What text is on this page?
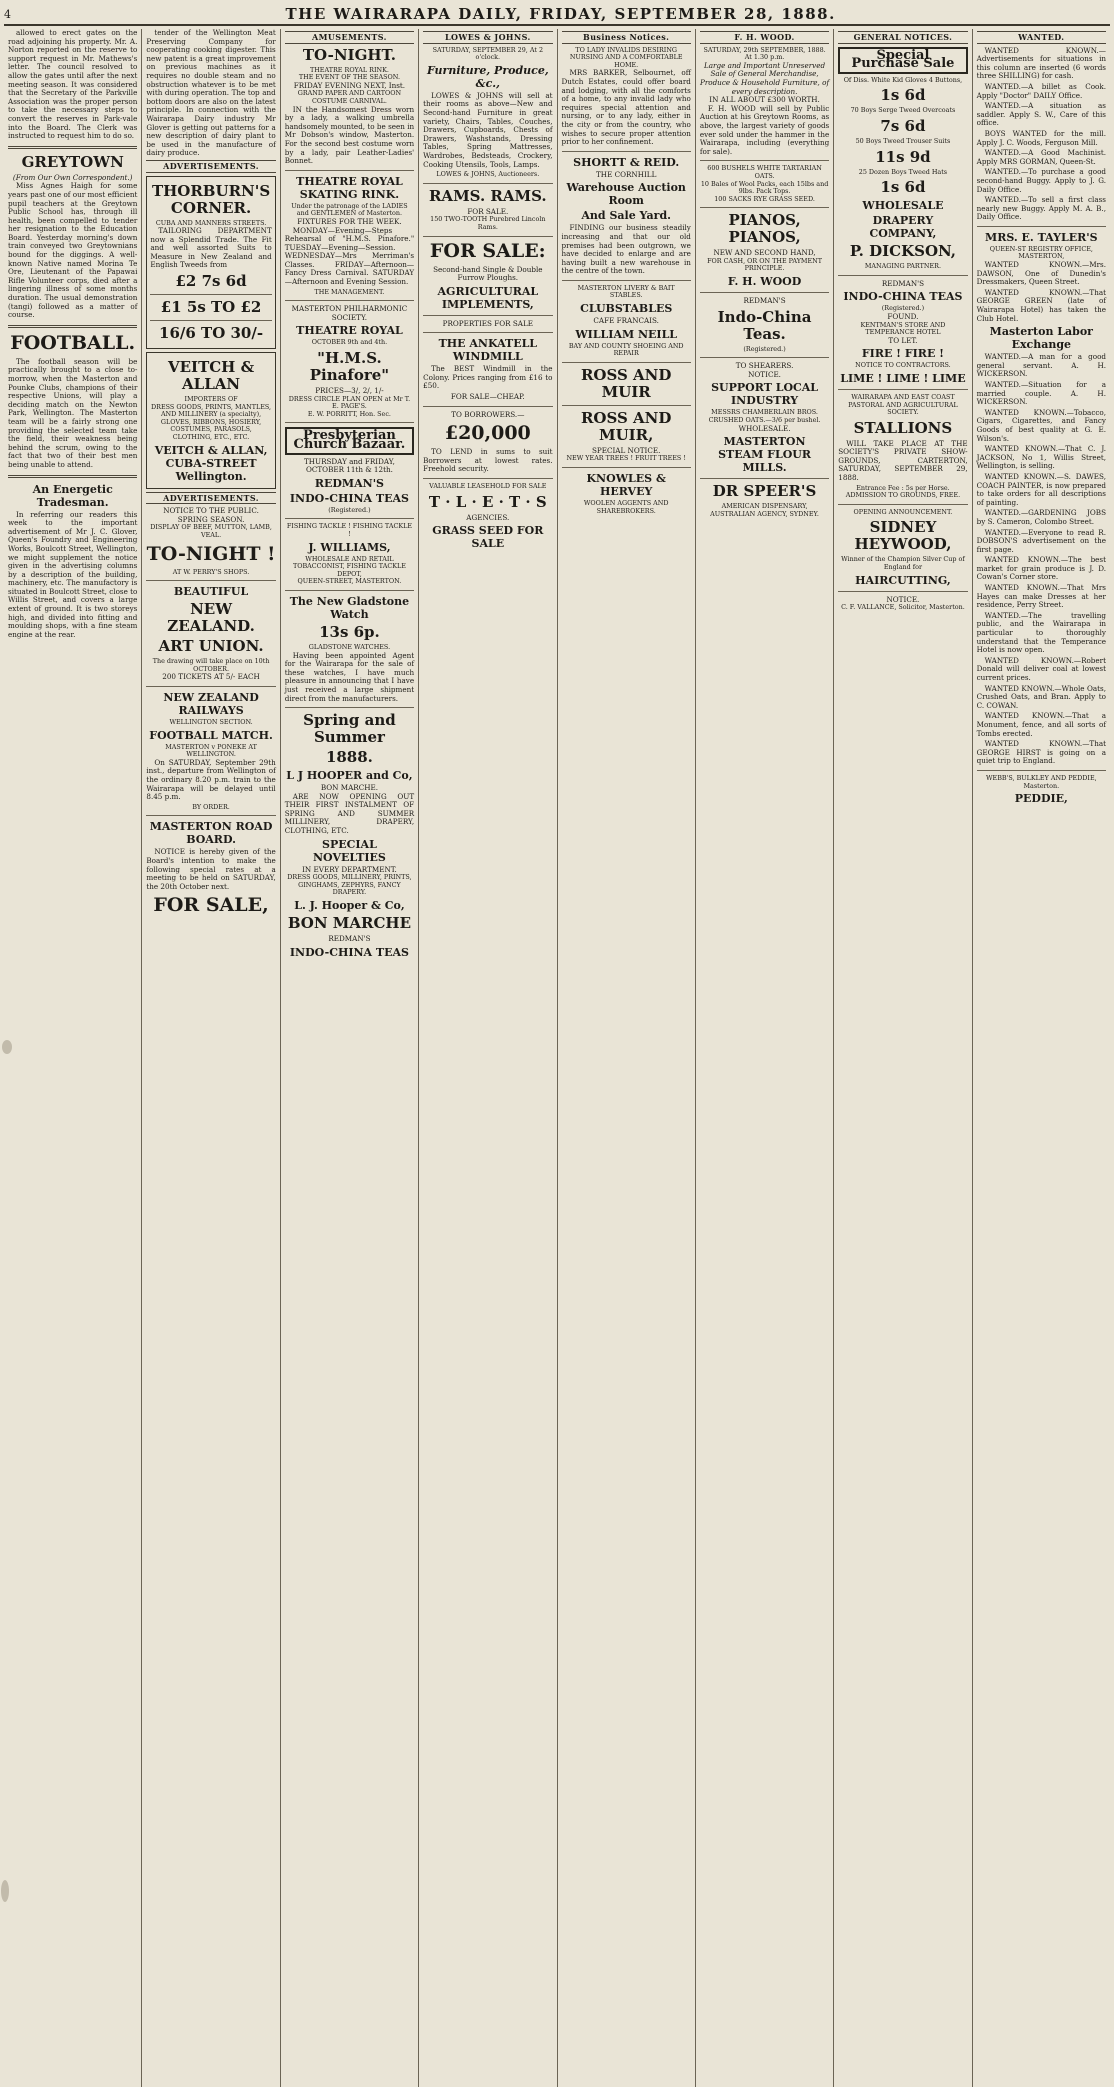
4	THE WAIRARAPA DAILY, FRIDAY, SEPTEMBER 28, 1888.

allowed to erect gates on the road adjoining his property. Mr. A. Norton reported on the reserve to support request in Mr. Mathews's letter. The council resolved to allow the gates until after the next meeting season. It was considered that the Secretary of the Parkville Association was the proper person to take the necessary steps to convert the reserves in Park-vale into the Board. The Clerk was instructed to request him to do so.

GREYTOWN
(From Our Own Correspondent.)

Miss Agnes Haigh for some years past one of our most efficient pupil teachers at the Greytown Public School has, through ill health, been compelled to tender her resignation to the Education Board. Yesterday morning's down train conveyed two Greytownians bound for the diggings. A well-known Native named Morina Te Ore, Lieutenant of the Papawai Rifle Volunteer corps, died after a lingering illness of some months duration. The usual demonstration (tangi) followed as a matter of course.

FOOTBALL.

The football season will be practically brought to a close to-morrow, when the Masterton and Pounke Clubs, champions of their respective Unions, will play a deciding match on the Newton Park, Wellington. The Masterton team will be a fairly strong one providing the selected team take the field, their weakness being behind the scrum, owing to the fact that two of their best men being unable to attend.

An Energetic Tradesman.

In referring our readers this week to the important advertisement of Mr J. C. Glover, Queen's Foundry and Engineering Works, Boulcott Street, Wellington, we might supplement the notice given in the advertising columns by a description of the building, machinery, etc. The manufactory is situated in Boulcott Street, close to Willis Street, and covers a large extent of ground. It is two storeys high, and divided into fitting and moulding shops, with a fine steam engine at the rear.

tender of the Wellington Meat Preserving Company for cooperating cooking digester. This new patent is a great improvement on previous machines as it requires no double steam and no obstruction whatever is to be met with during operation. The top and bottom doors are also on the latest principle. In connection with the Wairarapa Dairy industry Mr Glover is getting out patterns for a new description of dairy plant to be used in the manufacture of dairy produce.

ADVERTISEMENTS.
THORBURN'S CORNER.
CUBA AND MANNERS STREETS.

TAILORING DEPARTMENT now a Splendid Trade. The Fit and well assorted Suits to Measure in New Zealand and English Tweeds from

£2 7s 6d
£1 5s TO £2
16/6 TO 30/-
VEITCH & ALLAN
IMPORTERS OF
DRESS GOODS, PRINTS, MANTLES, AND MILLINERY (a specialty), GLOVES, RIBBONS, HOSIERY, COSTUMES, PARASOLS, CLOTHING, ETC., ETC.
VEITCH & ALLAN, CUBA-STREET Wellington.
ADVERTISEMENTS.
NOTICE TO THE PUBLIC.
SPRING SEASON.
DISPLAY OF BEEF, MUTTON, LAMB, VEAL.
TO-NIGHT !
AT W. PERRY'S SHOPS.
BEAUTIFUL
NEW ZEALAND.
ART UNION.
The drawing will take place on 10th OCTOBER.
200 TICKETS AT 5/- EACH
NEW ZEALAND RAILWAYS
WELLINGTON SECTION.
FOOTBALL MATCH.
MASTERTON v PONEKE AT WELLINGTON.

On SATURDAY, September 29th inst., departure from Wellington of the ordinary 8.20 p.m. train to the Wairarapa will be delayed until 8.45 p.m.

BY ORDER.
MASTERTON ROAD BOARD.

NOTICE is hereby given of the Board's intention to make the following special rates at a meeting to be held on SATURDAY, the 20th October next.

FOR SALE,
AMUSEMENTS.
TO-NIGHT.
THEATRE ROYAL RINK.
THE EVENT OF THE SEASON.
FRIDAY EVENING NEXT, Inst.
GRAND PAPER AND CARTOON COSTUME CARNIVAL.

IN the Handsomest Dress worn by a lady, a walking umbrella handsomely mounted, to be seen in Mr Dobson's window, Masterton. For the second best costume worn by a lady, pair Leather-Ladies' Bonnet.

THEATRE ROYAL SKATING RINK.
Under the patronage of the LADIES and GENTLEMEN of Masterton.
FIXTURES FOR THE WEEK.

MONDAY—Evening—Steps Rehearsal of "H.M.S. Pinafore." TUESDAY—Evening—Session. WEDNESDAY—Mrs Merriman's Classes. FRIDAY—Afternoon—Fancy Dress Carnival. SATURDAY—Afternoon and Evening Session.

THE MANAGEMENT.
MASTERTON PHILHARMONIC SOCIETY.
THEATRE ROYAL
OCTOBER 9th and 4th.
"H.M.S. Pinafore"
PRICES—3/, 2/, 1/-
DRESS CIRCLE PLAN OPEN at Mr T. E. PAGE'S.
E. W. PORRITT, Hon. Sec.
Presbyterian Church Bazaar.
THURSDAY and FRIDAY, OCTOBER 11th & 12th.
REDMAN'S
INDO-CHINA TEAS
(Registered.)
FISHING TACKLE ! FISHING TACKLE !
J. WILLIAMS,
WHOLESALE AND RETAIL TOBACCONIST, FISHING TACKLE DEPOT,
QUEEN-STREET, MASTERTON.
The New Gladstone Watch
13s 6p.
GLADSTONE WATCHES.

Having been appointed Agent for the Wairarapa for the sale of these watches, I have much pleasure in announcing that I have just received a large shipment direct from the manufacturers.

Spring and Summer
1888.
L J HOOPER and Co,
BON MARCHE.

ARE NOW OPENING OUT THEIR FIRST INSTALMENT OF SPRING AND SUMMER MILLINERY, DRAPERY, CLOTHING, ETC.

SPECIAL NOVELTIES
IN EVERY DEPARTMENT.
DRESS GOODS, MILLINERY, PRINTS, GINGHAMS, ZEPHYRS, FANCY DRAPERY.
L. J. Hooper & Co,
BON MARCHE
REDMAN'S
INDO-CHINA TEAS
LOWES & JOHNS.
SATURDAY, SEPTEMBER 29, At 2 o'clock.
Furniture, Produce, &c.,

LOWES & JOHNS will sell at their rooms as above—New and Second-hand Furniture in great variety, Chairs, Tables, Couches, Drawers, Cupboards, Chests of Drawers, Washstands, Dressing Tables, Spring Mattresses, Wardrobes, Bedsteads, Crockery, Cooking Utensils, Tools, Lamps.

LOWES & JOHNS, Auctioneers.
RAMS. RAMS.
FOR SALE.
150 TWO-TOOTH Purebred Lincoln Rams.
FOR SALE:
Second-hand Single & Double Furrow Ploughs.
AGRICULTURAL IMPLEMENTS,
PROPERTIES FOR SALE
THE ANKATELL WINDMILL

The BEST Windmill in the Colony. Prices ranging from £16 to £50.

FOR SALE—CHEAP.
TO BORROWERS.—
£20,000

TO LEND in sums to suit Borrowers at lowest rates. Freehold security.

VALUABLE LEASEHOLD FOR SALE
T · L · E · T · S
AGENCIES.
GRASS SEED FOR SALE
Business Notices.
TO LADY INVALIDS DESIRING NURSING AND A COMFORTABLE HOME.

MRS BARKER, Selbournet, off Dutch Estates, could offer board and lodging, with all the comforts of a home, to any invalid lady who requires special attention and nursing, or to any lady, either in the city or from the country, who wishes to secure proper attention prior to her confinement.

SHORTT & REID.
THE CORNHILL
Warehouse Auction Room
And Sale Yard.

FINDING our business steadily increasing and that our old premises had been outgrown, we have decided to enlarge and are having built a new warehouse in the centre of the town.

MASTERTON LIVERY & BAIT STABLES.
CLUBSTABLES
CAFE FRANCAIS.
WILLIAM NEILL
BAY AND COUNTY SHOEING AND REPAIR
ROSS AND MUIR
ROSS AND MUIR,
SPECIAL NOTICE.
NEW YEAR TREES ! FRUIT TREES !
KNOWLES & HERVEY
WOOLEN AGGENTS AND SHAREBROKERS.
F. H. WOOD.
SATURDAY, 29th SEPTEMBER, 1888. At 1.30 p.m.
Large and Important Unreserved Sale of General Merchandise, Produce & Household Furniture, of every description.
IN ALL ABOUT £300 WORTH.

F. H. WOOD will sell by Public Auction at his Greytown Rooms, as above, the largest variety of goods ever sold under the hammer in the Wairarapa, including (everything for sale).

600 BUSHELS WHITE TARTARIAN OATS.
10 Bales of Wool Packs, each 15lbs and 9lbs. Pack Tops.
100 SACKS RYE GRASS SEED.
PIANOS, PIANOS,
NEW AND SECOND HAND,
FOR CASH, OR ON THE PAYMENT PRINCIPLE.
F. H. WOOD
REDMAN'S
Indo-China Teas.
(Registered.)
TO SHEARERS.
NOTICE.
SUPPORT LOCAL INDUSTRY
MESSRS CHAMBERLAIN BROS.
CRUSHED OATS.—3/6 per bushel.
WHOLESALE.
MASTERTON STEAM FLOUR MILLS.
DR SPEER'S
AMERICAN DISPENSARY, AUSTRALIAN AGENCY, SYDNEY.
GENERAL NOTICES.
Special Purchase Sale
Of Diss. White Kid Gloves 4 Buttons,
1s 6d
70 Boys Serge Tweed Overcoats
7s 6d
50 Boys Tweed Trouser Suits
11s 9d
25 Dozen Boys Tweed Hats
1s 6d
WHOLESALE
DRAPERY COMPANY,
P. DICKSON,
MANAGING PARTNER.
REDMAN'S
INDO-CHINA TEAS
(Registered.)
FOUND.
KENTMAN'S STORE AND TEMPERANCE HOTEL
TO LET.
FIRE ! FIRE !
NOTICE TO CONTRACTORS.
LIME ! LIME ! LIME
WAIRARAPA AND EAST COAST PASTORAL AND AGRICULTURAL SOCIETY.
STALLIONS

WILL TAKE PLACE AT THE SOCIETY'S PRIVATE SHOW-GROUNDS, CARTERTON, SATURDAY, SEPTEMBER 29, 1888.

Entrance Fee : 5s per Horse.
ADMISSION TO GROUNDS, FREE.
OPENING ANNOUNCEMENT.
SIDNEY HEYWOOD,
Winner of the Champion Silver Cup of England for
HAIRCUTTING,
NOTICE.
C. F. VALLANCE, Solicitor, Masterton.
WANTED.

WANTED KNOWN.—Advertisements for situations in this column are inserted (6 words three SHILLING) for cash.

WANTED.—A billet as Cook. Apply "Doctor" DAILY Office.

WANTED.—A situation as saddler. Apply S. W., Care of this office.

BOYS WANTED for the mill. Apply J. C. Woods, Ferguson Mill.

WANTED.—A Good Machinist. Apply MRS GORMAN, Queen-St.

WANTED.—To purchase a good second-hand Buggy. Apply to J. G. Daily Office.

WANTED.—To sell a first class nearly new Buggy. Apply M. A. B., Daily Office.

MRS. E. TAYLER'S
QUEEN-ST REGISTRY OFFICE, MASTERTON,

WANTED KNOWN.—Mrs. DAWSON, One of Dunedin's Dressmakers, Queen Street.

WANTED KNOWN.—That GEORGE GREEN (late of Wairarapa Hotel) has taken the Club Hotel.

Masterton Labor Exchange

WANTED.—A man for a good general servant. A. H. WICKERSON.

WANTED.—Situation for a married couple. A. H. WICKERSON.

WANTED KNOWN.—Tobacco, Cigars, Cigarettes, and Fancy Goods of best quality at G. E. Wilson's.

WANTED KNOWN.—That C. J. JACKSON, No 1, Willis Street, Wellington, is selling.

WANTED KNOWN.—S. DAWES, COACH PAINTER, is now prepared to take orders for all descriptions of painting.

WANTED.—GARDENING JOBS by S. Cameron, Colombo Street.

WANTED.—Everyone to read R. DOBSON'S advertisement on the first page.

WANTED KNOWN.—The best market for grain produce is J. D. Cowan's Corner store.

WANTED KNOWN.—That Mrs Hayes can make Dresses at her residence, Perry Street.

WANTED.—The travelling public, and the Wairarapa in particular to thoroughly understand that the Temperance Hotel is now open.

WANTED KNOWN.—Robert Donald will deliver coal at lowest current prices.

WANTED KNOWN.—Whole Oats, Crushed Oats, and Bran. Apply to C. COWAN.

WANTED KNOWN.—That a Monument, fence, and all sorts of Tombs erected.

WANTED KNOWN.—That GEORGE HIRST is going on a quiet trip to England.

WEBB'S, BULKLEY AND PEDDIE, Masterton.
PEDDIE,
